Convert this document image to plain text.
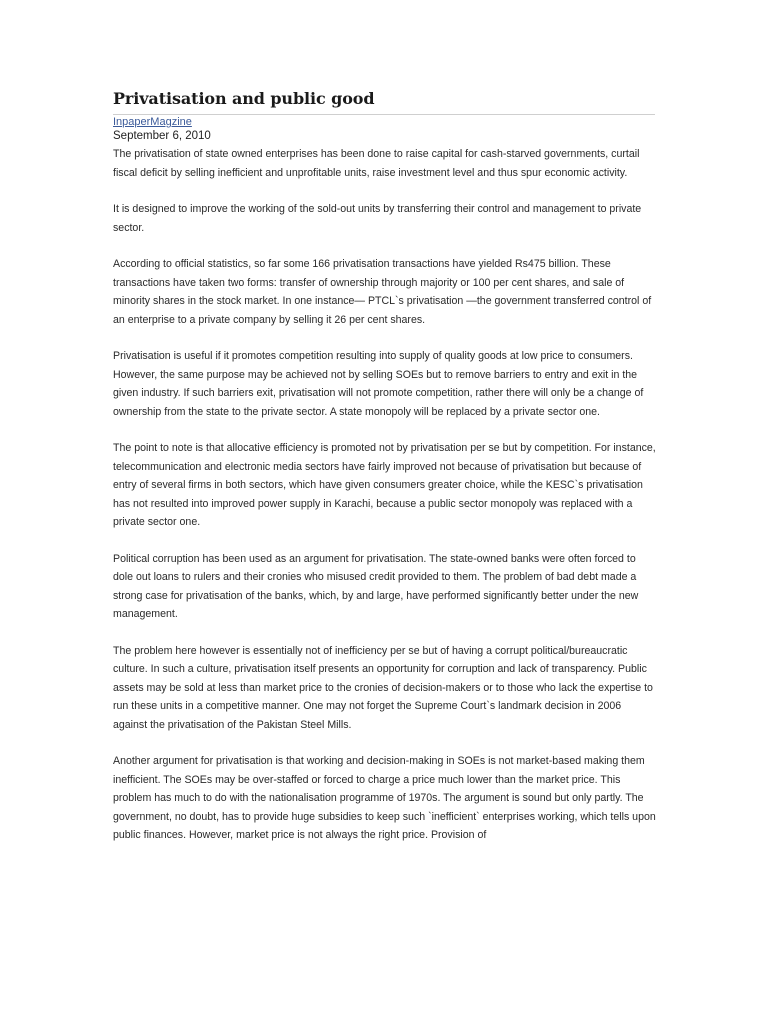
Privatisation and public good
InpaperMagzine
September 6, 2010

The privatisation of state owned enterprises has been done to raise capital for cash-starved governments, curtail fiscal deficit by selling inefficient and unprofitable units, raise investment level and thus spur economic activity.

It is designed to improve the working of the sold-out units by transferring their control and management to private sector.

According to official statistics, so far some 166 privatisation transactions have yielded Rs475 billion. These transactions have taken two forms: transfer of ownership through majority or 100 per cent shares, and sale of minority shares in the stock market. In one instance— PTCL`s privatisation —the government transferred control of an enterprise to a private company by selling it 26 per cent shares.

Privatisation is useful if it promotes competition resulting into supply of quality goods at low price to consumers. However, the same purpose may be achieved not by selling SOEs but to remove barriers to entry and exit in the given industry. If such barriers exit, privatisation will not promote competition, rather there will only be a change of ownership from the state to the private sector. A state monopoly will be replaced by a private sector one.

The point to note is that allocative efficiency is promoted not by privatisation per se but by competition. For instance, telecommunication and electronic media sectors have fairly improved not because of privatisation but because of entry of several firms in both sectors, which have given consumers greater choice, while the KESC`s privatisation has not resulted into improved power supply in Karachi, because a public sector monopoly was replaced with a private sector one.

Political corruption has been used as an argument for privatisation. The state-owned banks were often forced to dole out loans to rulers and their cronies who misused credit provided to them. The problem of bad debt made a strong case for privatisation of the banks, which, by and large, have performed significantly better under the new management.

The problem here however is essentially not of inefficiency per se but of having a corrupt political/bureaucratic culture. In such a culture, privatisation itself presents an opportunity for corruption and lack of transparency. Public assets may be sold at less than market price to the cronies of decision-makers or to those who lack the expertise to run these units in a competitive manner. One may not forget the Supreme Court`s landmark decision in 2006 against the privatisation of the Pakistan Steel Mills.

Another argument for privatisation is that working and decision-making in SOEs is not market-based making them inefficient. The SOEs may be over-staffed or forced to charge a price much lower than the market price. This problem has much to do with the nationalisation programme of 1970s. The argument is sound but only partly. The government, no doubt, has to provide huge subsidies to keep such `inefficient` enterprises working, which tells upon public finances. However, market price is not always the right price. Provision of
